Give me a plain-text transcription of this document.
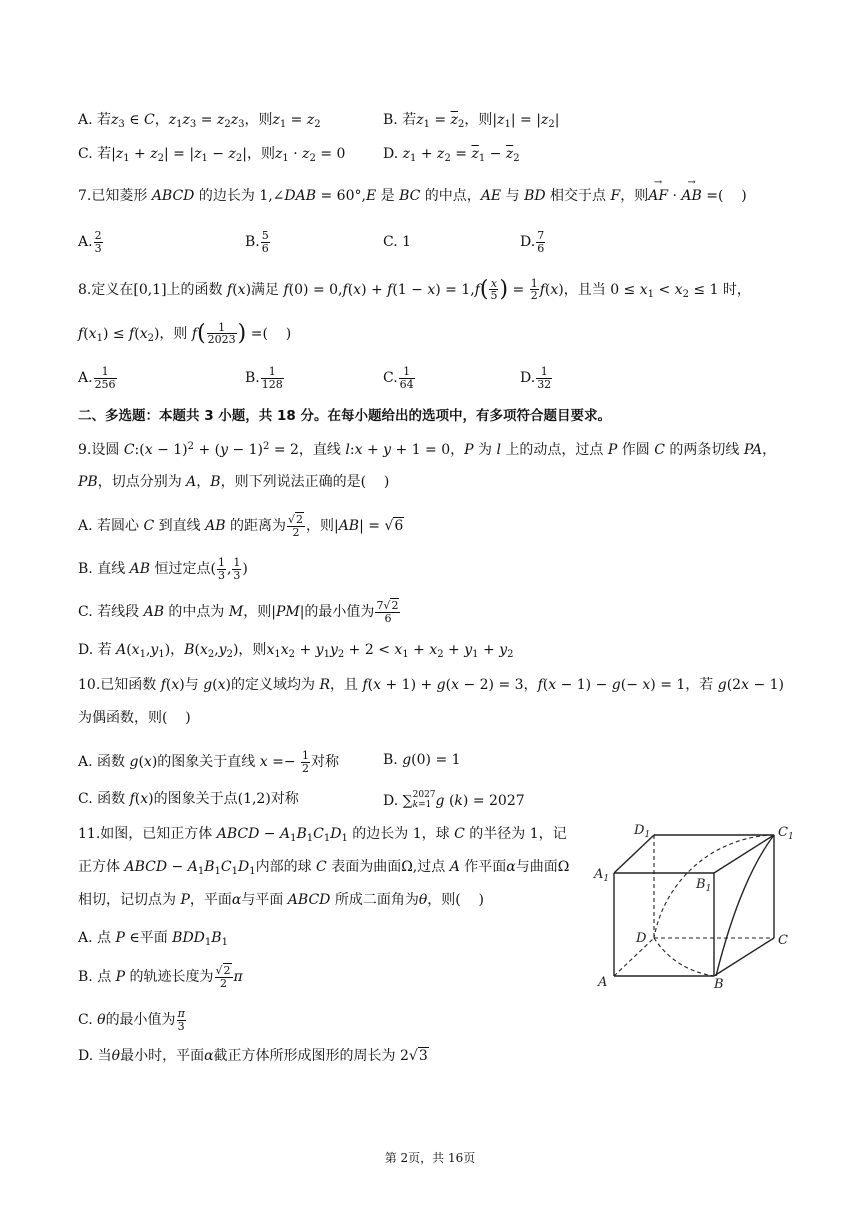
A. 若$z_3$ ∈ C，$z_1z_3 = z_2z_3$，则$z_1 = z_2$	B. 若$z_1 = \overline{z}_2$，则$|z_1| = |z_2|$
C. 若$|z_1 + z_2| = |z_1 - z_2|$，则$z_1 \cdot z_2 = 0$	D. $z_1 + z_2 = \overline{z}_1 - \overline{z}_2$
7.已知菱形 ABCD 的边长为 1,∠DAB = 60°,E 是 BC 的中点，AE 与 BD 相交于点 F，则→ AF · → AB =(    )
A. $\frac{2}{3}$	B. $\frac{5}{6}$	C. 1	D. $\frac{7}{6}$
8.定义在[0,1]上的函数 f(x)满足 $f(0) = 0,f(x) + f(1 - x) = 1,f( \frac{x}{5}$ ) = $\frac{1}{2} f(x)$，且当 $0 \le x_1 < x_2 \le 1$ 时，
$f(x_1) \le f(x_2)$，则 $f( \frac{1}{2023}$ ) =(    )
A. $\frac{1}{256}$	B. $\frac{1}{128}$	C. $\frac{1}{64}$	D. $\frac{1}{32}$
二、多选题：本题共 3 小题，共 18 分。在每小题给出的选项中，有多项符合题目要求。
9.设圆 C:(x − $1)^2 + (y - 1)^2 = 2$，直线 l:x + y + 1 = 0，P 为 l 上的动点，过点 P 作圆 C 的两条切线 PA，
PB，切点分别为 A，B，则下列说法正确的是(    )
A. 若圆心 C 到直线 AB 的距离为 $\frac{√2}{2}$ ，则|AB| = √6
B. 直线 AB 恒过定点( $\frac{1}{3}$ , $\frac{1}{3}$ )
C. 若线段 AB 的中点为 M，则|PM|的最小值为 $\frac{7√2}{6}$
D. 若 $A(x_1,y_1)$，$B(x_2,y_2)$，则$x_1x_2 + y_1y_2 + 2 < x_1 + x_2 + y_1 + y_2$
10.已知函数 f(x)与 g(x)的定义域均为 R，且 f(x + 1) + g(x − 2) = 3，f(x − 1) − g(− x) = 1，若 g(2x − 1)
为偶函数，则(    )
A. 函数 g(x)的图象关于直线 $x =- \frac{1}{2}$ 对称	B. g(0) = 1
C. 函数 f(x)的图象关于点(1,2)对称	D. ∑ 2027
k=1 g (k) = 2027
11.如图，已知正方体 ABCD − $A_1B_1C_1D_1$ 的边长为 1，球 C 的半径为 1，记
正方体 ABCD − $A_1B_1C_1D_1$内部的球 C 表面为曲面Ω,过点 A 作平面α与曲面Ω
相切，记切点为 P，平面α与平面 ABCD 所成二面角为θ，则(    )
A. 点 P ∈平面 $BDD_1B_1$
B. 点 P 的轨迹长度为 $\frac{√2}{2}$ π
C. θ的最小值为 $\frac{\pi}{3}$
D. 当θ最小时，平面α截正方体所形成图形的周长为 2√3
$D_1$	$C_1$
$A_1$	$B_1$
D	C
A	B
第 2页，共 16页
